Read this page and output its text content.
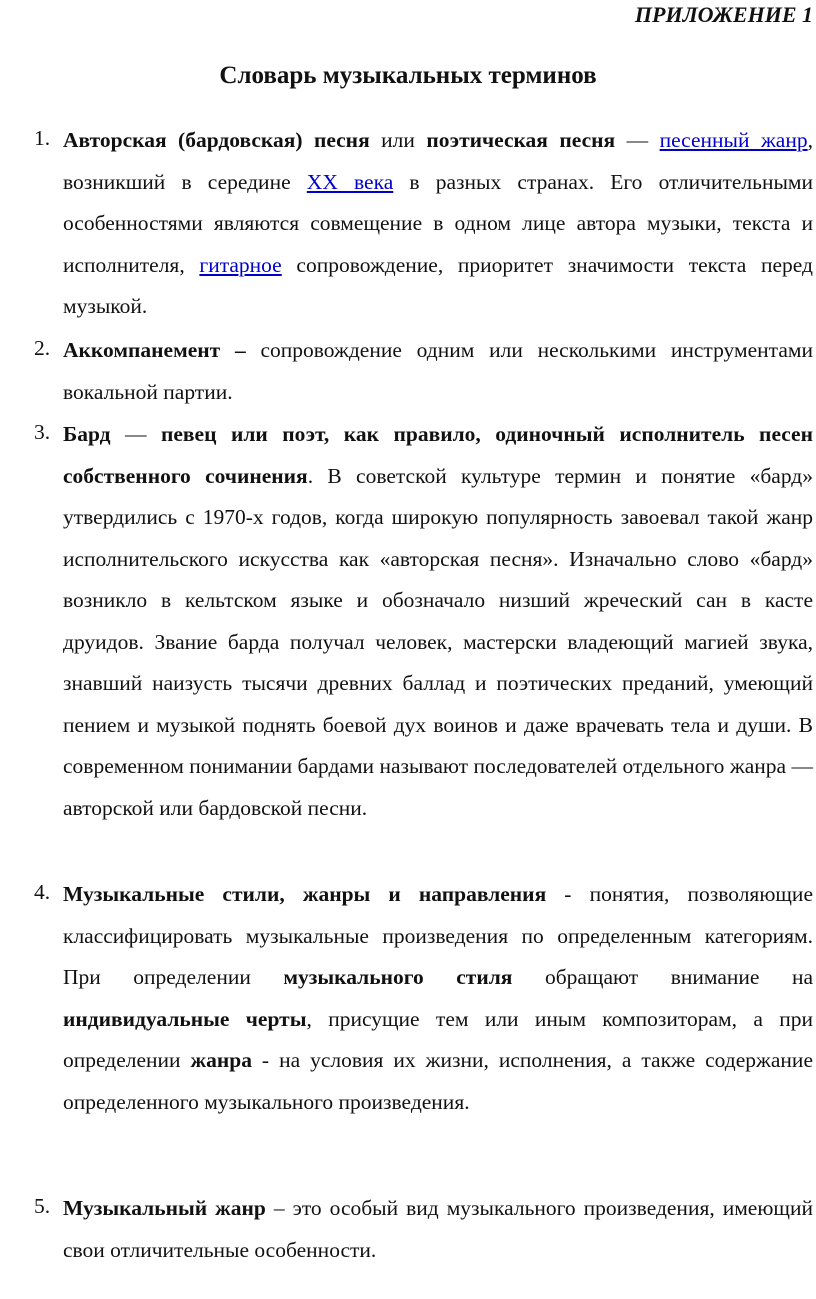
ПРИЛОЖЕНИЕ 1
Словарь музыкальных терминов
1. Авторская (бардовская) песня или поэтическая песня — песенный жанр, возникший в середине XX века в разных странах. Его отличительными особенностями являются совмещение в одном лице автора музыки, текста и исполнителя, гитарное сопровождение, приоритет значимости текста перед музыкой.
2. Аккомпанемент – сопровождение одним или несколькими инструментами вокальной партии.
3. Бард — певец или поэт, как правило, одиночный исполнитель песен собственного сочинения. В советской культуре термин и понятие «бард» утвердились с 1970-х годов, когда широкую популярность завоевал такой жанр исполнительского искусства как «авторская песня». Изначально слово «бард» возникло в кельтском языке и обозначало низший жреческий сан в касте друидов. Звание барда получал человек, мастерски владеющий магией звука, знавший наизусть тысячи древних баллад и поэтических преданий, умеющий пением и музыкой поднять боевой дух воинов и даже врачевать тела и души. В современном понимании бардами называют последователей отдельного жанра — авторской или бардовской песни.
4. Музыкальные стили, жанры и направления - понятия, позволяющие классифицировать музыкальные произведения по определенным категориям. При определении музыкального стиля обращают внимание на индивидуальные черты, присущие тем или иным композиторам, а при определении жанра - на условия их жизни, исполнения, а также содержание определенного музыкального произведения.
5. Музыкальный жанр – это особый вид музыкального произведения, имеющий свои отличительные особенности.
